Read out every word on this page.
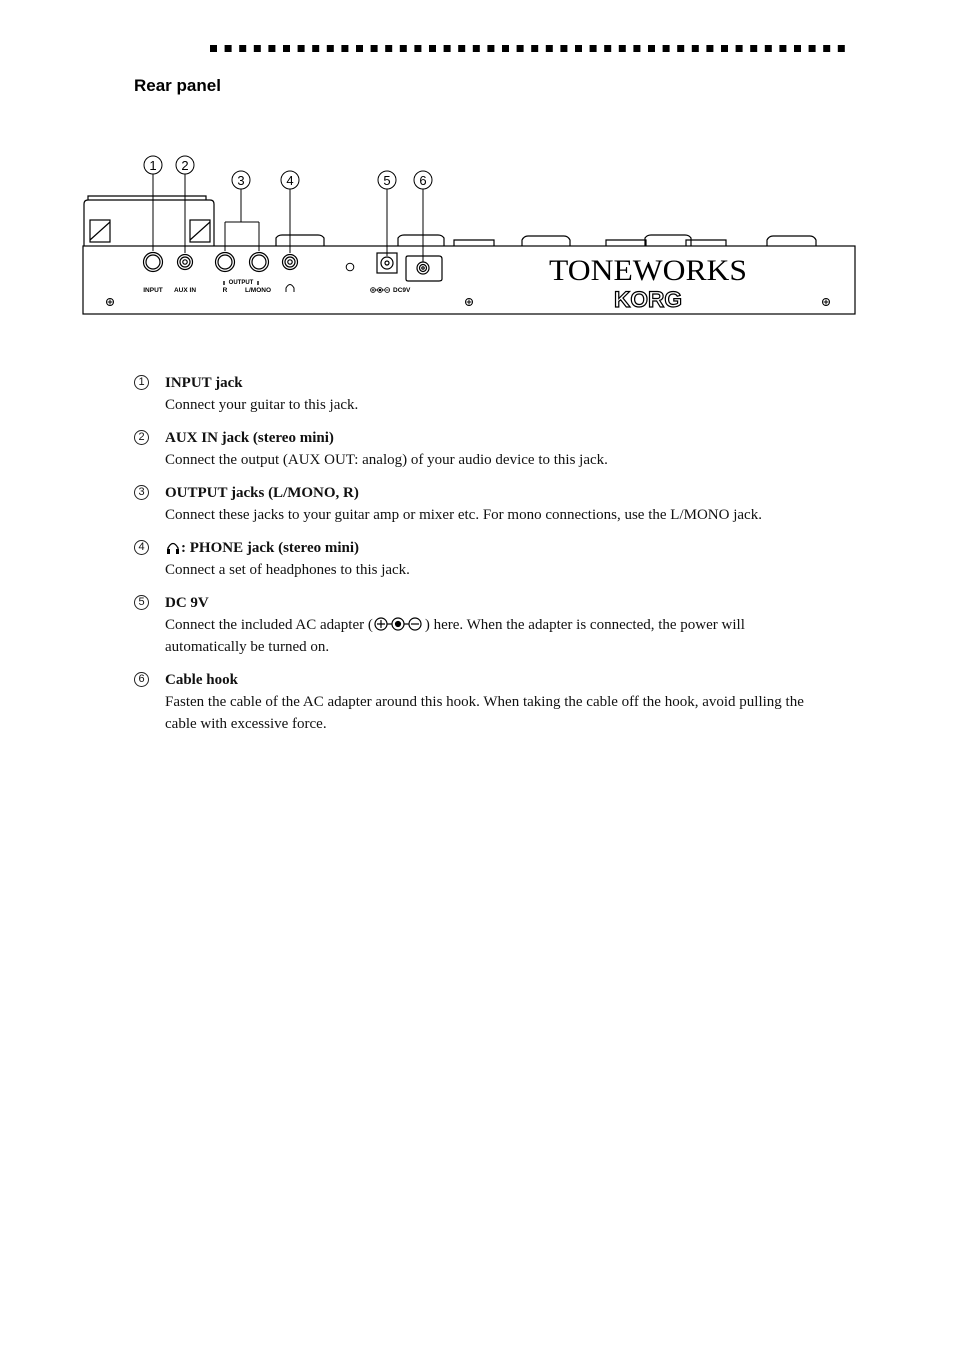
Rear panel
INPUT AUX IN
OUTPUT
R	L/MONO	DC9V
TONEWORKS
KORG
1 2
3	4	5 6
1 INPUT jack

Connect your guitar to this jack.

2 AUX IN jack (stereo mini)

Connect the output (AUX OUT: analog) of your audio device to this jack.

3 OUTPUT jacks (L/MONO, R)

Connect these jacks to your guitar amp or mixer etc. For mono connections, use the L/MONO jack.

4	: PHONE jack (stereo mini)

Connect a set of headphones to this jack.

5 DC 9V

Connect the included AC adapter (	) here. When the adapter is connected, the power will automatically be turned on.

6 Cable hook

Fasten the cable of the AC adapter around this hook. When taking the cable off the hook, avoid pulling the cable with excessive force.
